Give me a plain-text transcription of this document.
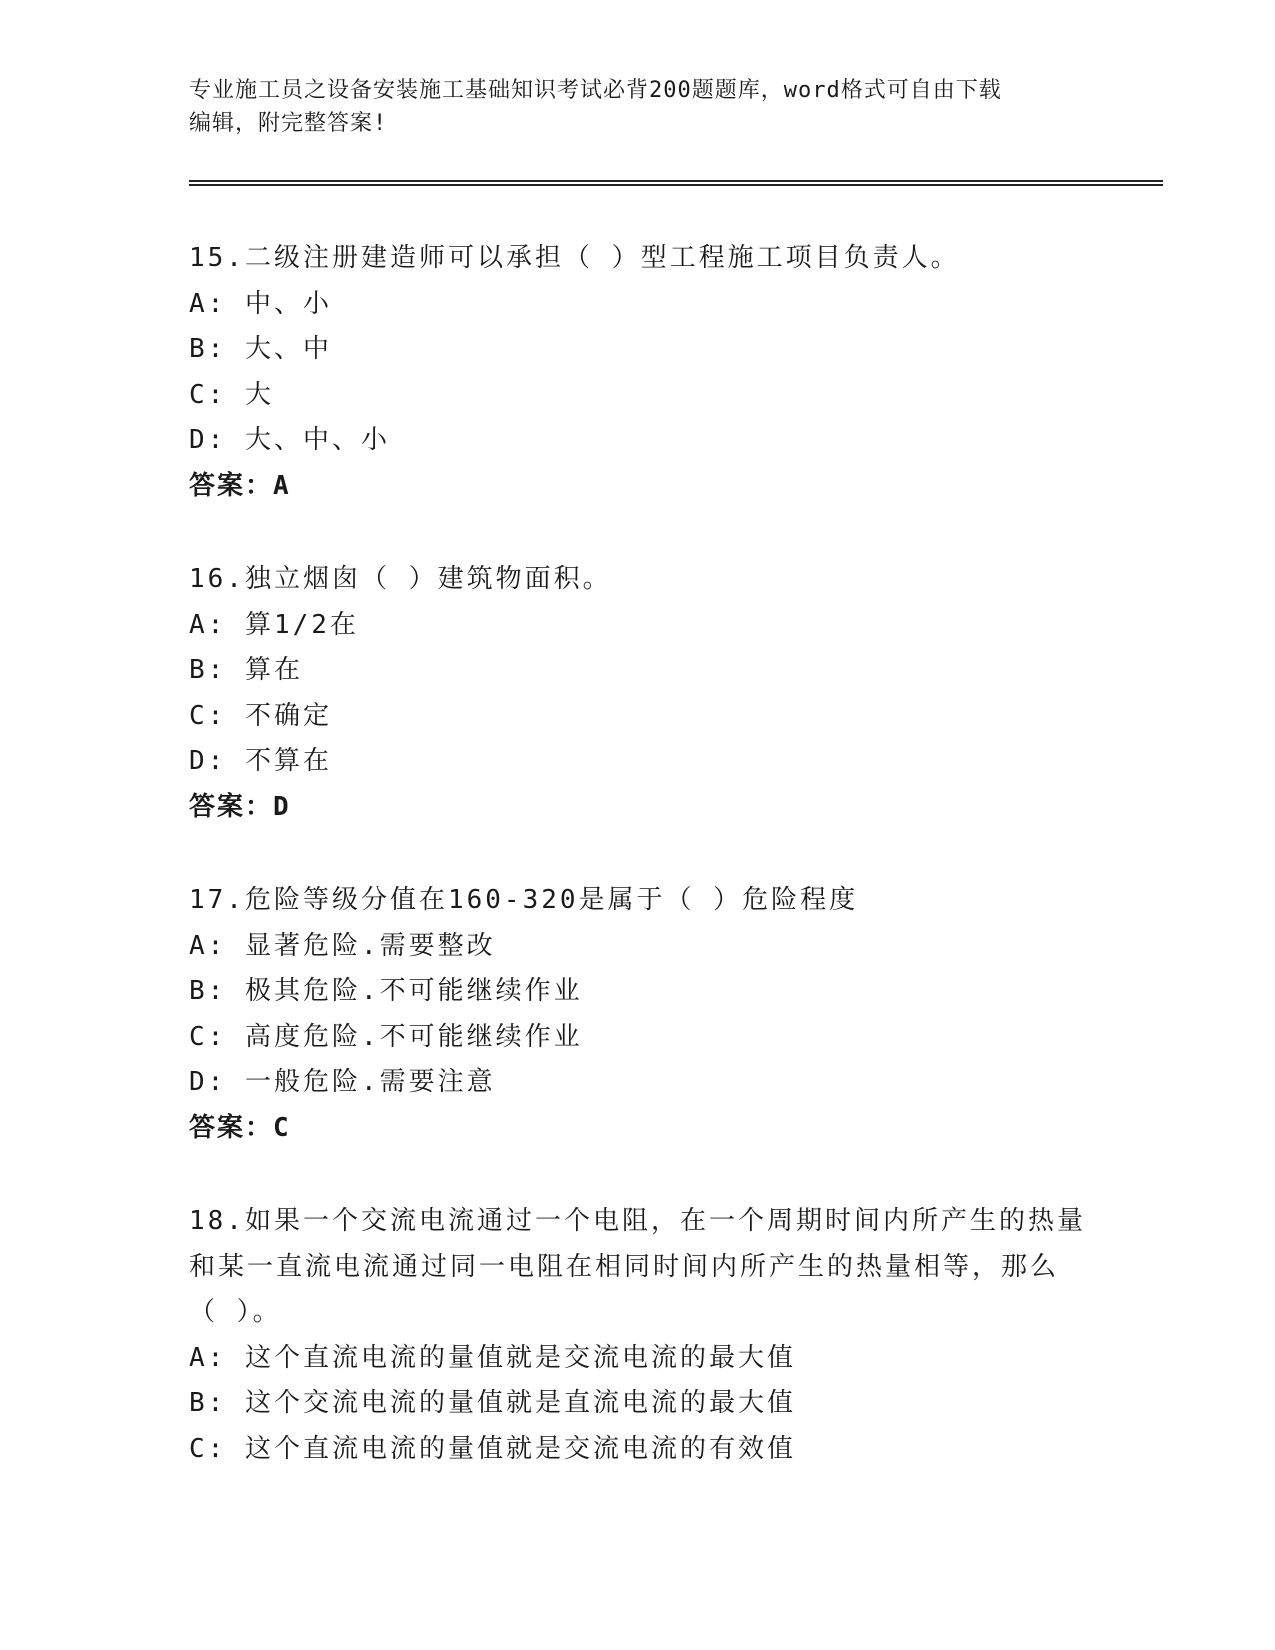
专业施工员之设备安装施工基础知识考试必背200题题库，word格式可自由下载
编辑，附完整答案!

15.二级注册建造师可以承担（ ）型工程施工项目负责人。

A: 中、小

B: 大、中

C: 大

D: 大、中、小

答案：A

16.独立烟囱（ ）建筑物面积。

A: 算1/2在

B: 算在

C: 不确定

D: 不算在

答案：D

17.危险等级分值在160-320是属于（ ）危险程度

A: 显著危险.需要整改

B: 极其危险.不可能继续作业

C: 高度危险.不可能继续作业

D: 一般危险.需要注意

答案：C

18.如果一个交流电流通过一个电阻，在一个周期时间内所产生的热量

和某一直流电流通过同一电阻在相同时间内所产生的热量相等，那么

（ ）。

A: 这个直流电流的量值就是交流电流的最大值

B: 这个交流电流的量值就是直流电流的最大值

C: 这个直流电流的量值就是交流电流的有效值
